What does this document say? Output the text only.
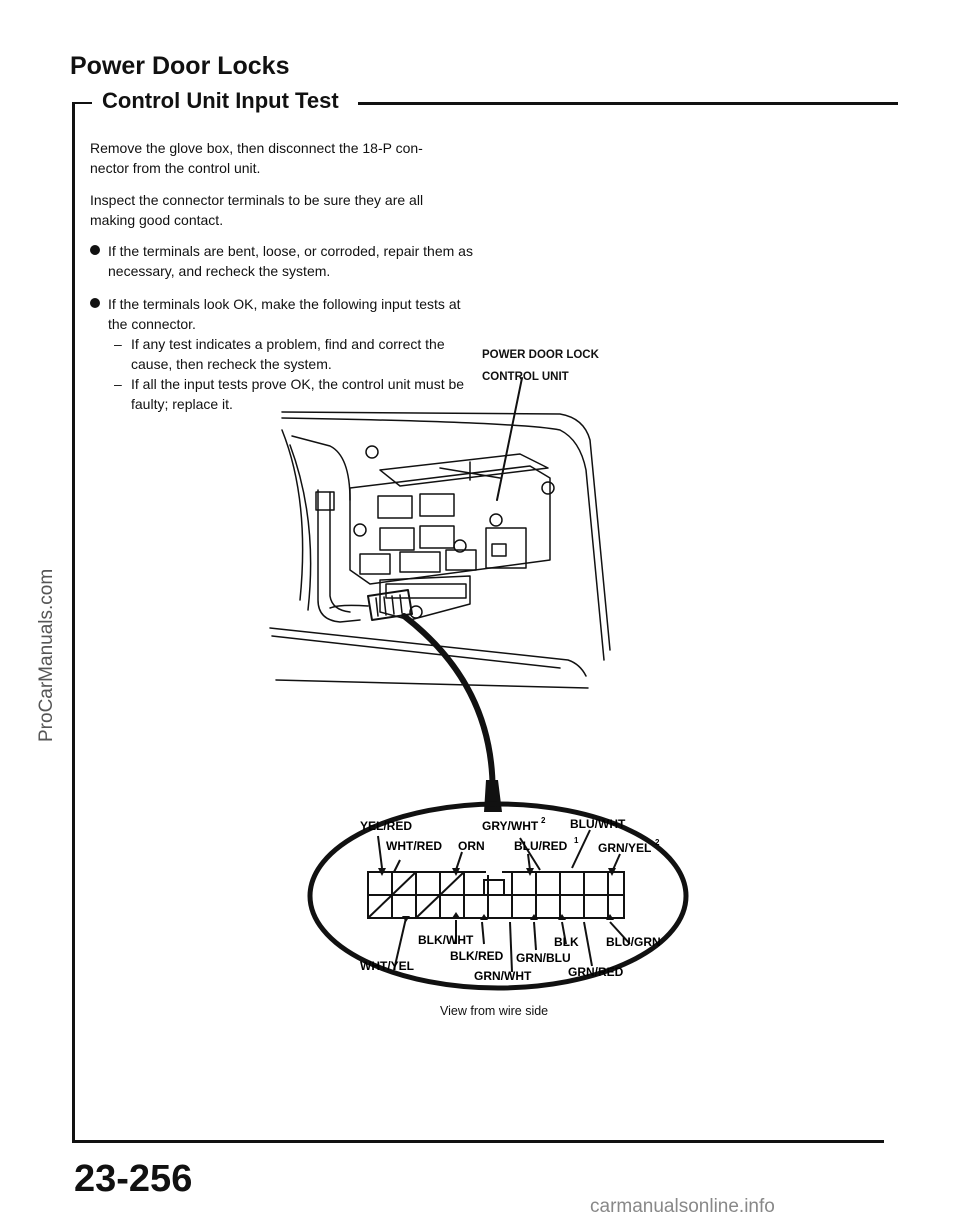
Power Door Locks
Control Unit Input Test
Remove the glove box, then disconnect the 18-P con- nector from the control unit.
Inspect the connector terminals to be sure they are all making good contact.
If the terminals are bent, loose, or corroded, repair them as necessary, and recheck the system.
If the terminals look OK, make the following input tests at the connector.
– If any test indicates a problem, find and correct the cause, then recheck the system.
– If all the input tests prove OK, the control unit must be faulty; replace it.
POWER DOOR LOCK
CONTROL UNIT
YEL/RED
WHT/RED ORN
GRY/WHT 2 BLU/WHT
BLU/RED 1
GRN/YEL 2
BLK/WHT
WHT/YEL
BLK/RED
GRN/WHT
GRN/BLU
BLK BLU/GRN
GRN/RED
View from wire side
23-256
ProCarManuals.com
carmanualsonline.info
